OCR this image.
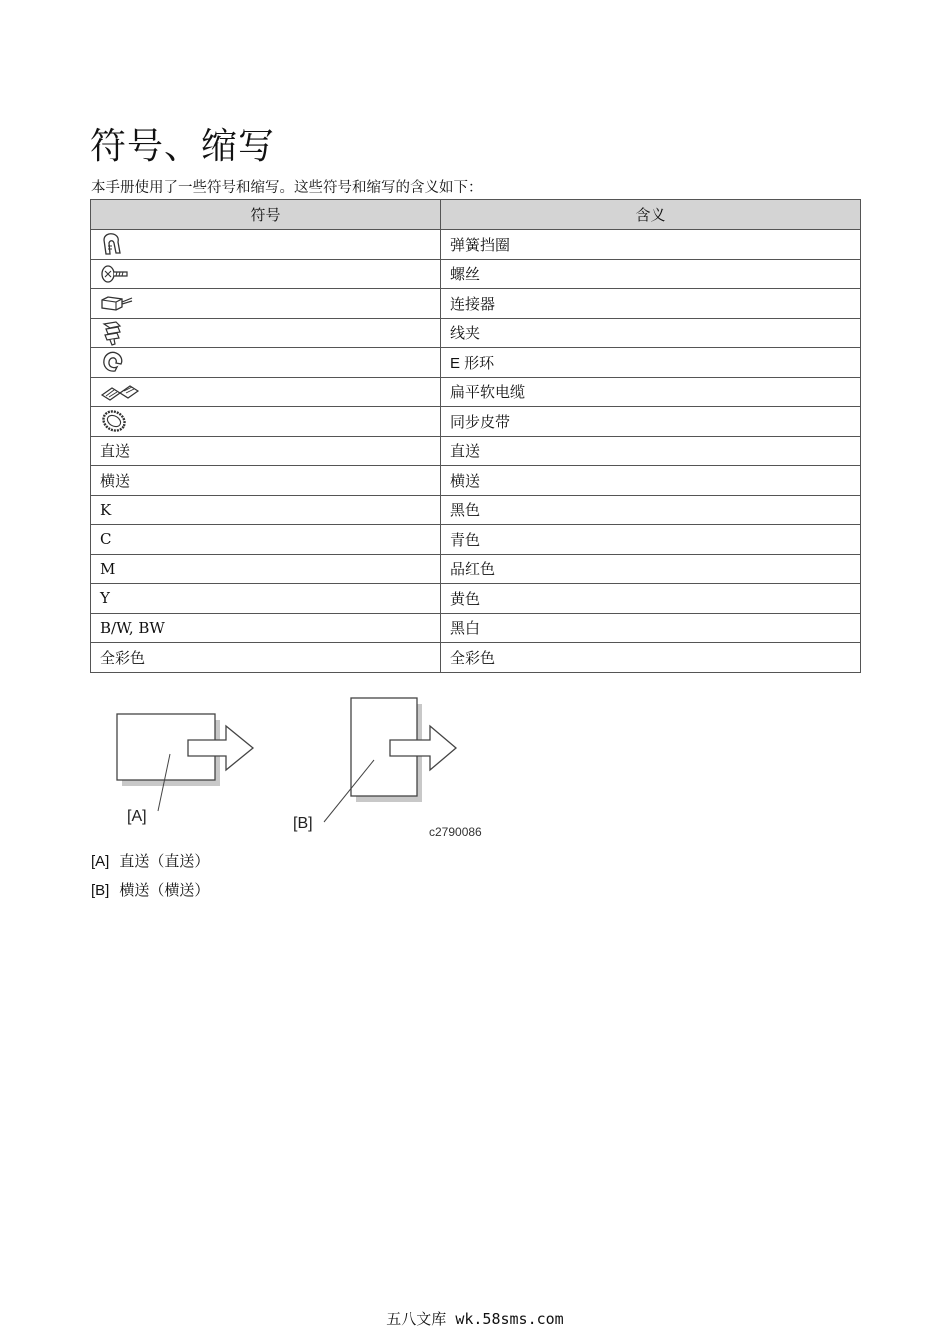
符号、缩写

本手册使用了一些符号和缩写。这些符号和缩写的含义如下：

符号	含义

	弹簧挡圈

	螺丝

	连接器

	线夹

	E 形环

	扁平软电缆

	同步皮带
直送	直送
横送	横送
K	黑色
C	青色
M	品红色
Y	黄色
B/W, BW	黑白
全彩色	全彩色
[A]	[B]	c2790086

[A] 直送（直送）

[B] 横送（横送）

五八文库 wk.58sms.com
